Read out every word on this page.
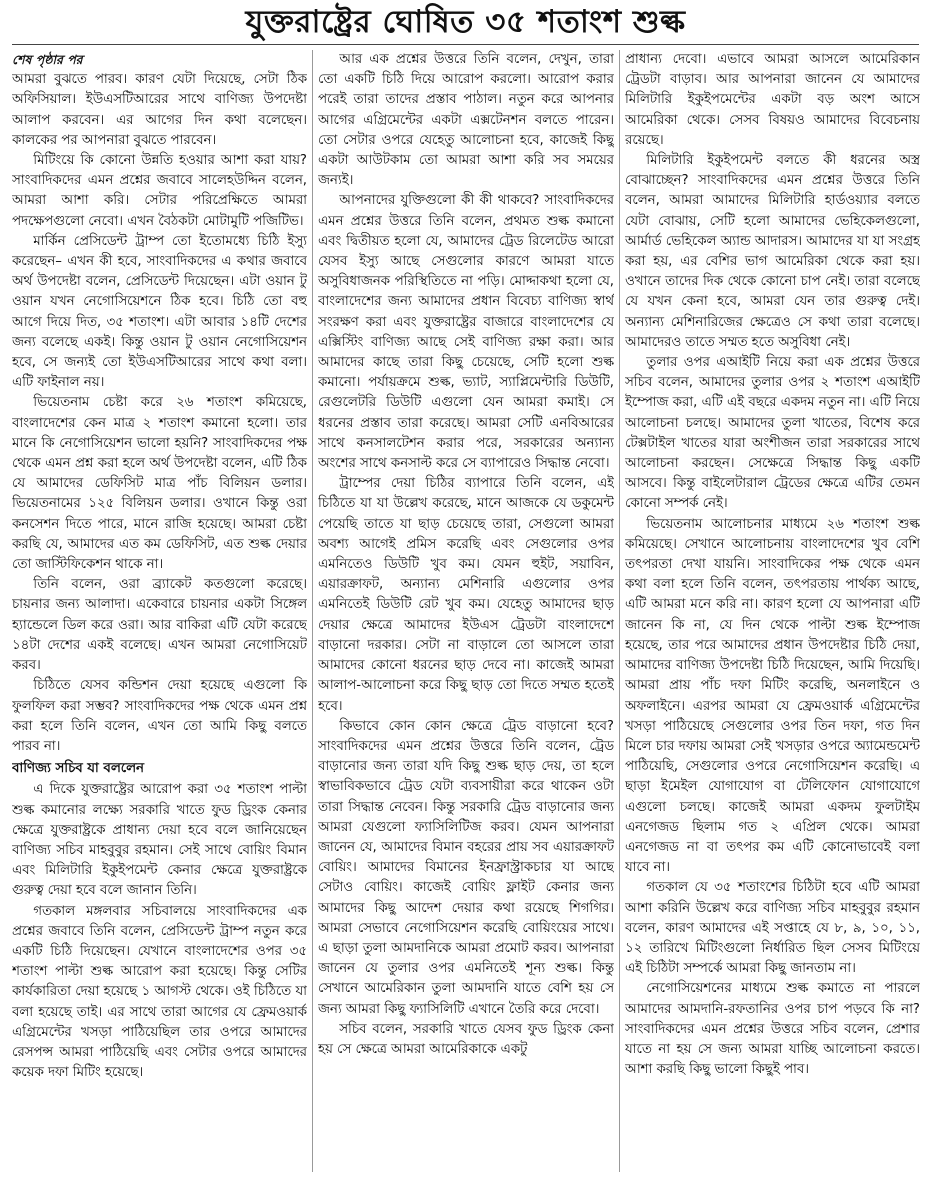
যুক্তরাষ্ট্রের ঘোষিত ৩৫ শতাংশ শুল্ক
শেষ পৃষ্ঠার পর

আমরা বুঝতে পারব। কারণ যেটা দিয়েছে, সেটা ঠিক অফিসিয়াল। ইউএসটিআরের সাথে বাণিজ্য উপদেষ্টা আলাপ করবেন। এর আগের দিন কথা বলেছেন। কালকের পর আপনারা বুঝতে পারবেন।

মিটিংয়ে কি কোনো উন্নতি হওয়ার আশা করা যায়? সাংবাদিকদের এমন প্রশ্নের জবাবে সালেহউদ্দিন বলেন, আমরা আশা করি। সেটার পরিপ্রেক্ষিতে আমরা পদক্ষেপগুলো নেবো। এখন বৈঠকটা মোটামুটি পজিটিভ।

মার্কিন প্রেসিডেন্ট ট্রাম্প তো ইতোমধ্যে চিঠি ইস্যু করেছেন– এখন কী হবে, সাংবাদিকদের এ কথার জবাবে অর্থ উপদেষ্টা বলেন, প্রেসিডেন্ট দিয়েছেন। এটা ওয়ান টু ওয়ান যখন নেগোসিয়েশনে ঠিক হবে। চিঠি তো বহু আগে দিয়ে দিত, ৩৫ শতাংশ। এটা আবার ১৪টি দেশের জন্য বলেছে একই। কিন্তু ওয়ান টু ওয়ান নেগোসিয়েশন হবে, সে জন্যই তো ইউএসটিআরের সাথে কথা বলা। এটি ফাইনাল নয়।

ভিয়েতনাম চেষ্টা করে ২৬ শতাংশ কমিয়েছে, বাংলাদেশের কেন মাত্র ২ শতাংশ কমানো হলো। তার মানে কি নেগোসিয়েশন ভালো হয়নি? সাংবাদিকদের পক্ষ থেকে এমন প্রশ্ন করা হলে অর্থ উপদেষ্টা বলেন, এটি ঠিক যে আমাদের ডেফিসিট মাত্র পাঁচ বিলিয়ন ডলার। ভিয়েতনামের ১২৫ বিলিয়ন ডলার। ওখানে কিন্তু ওরা কনসেশন দিতে পারে, মানে রাজি হয়েছে। আমরা চেষ্টা করছি যে, আমাদের এত কম ডেফিসিট, এত শুল্ক দেয়ার তো জাস্টিফিকেশন থাকে না।

তিনি বলেন, ওরা ব্র্যাকেট কতগুলো করেছে। চায়নার জন্য আলাদা। একেবারে চায়নার একটা সিঙ্গেল হ্যান্ডেলে ডিল করে ওরা। আর বাকিরা এটি যেটা করেছে ১৪টা দেশের একই বলেছে। এখন আমরা নেগোসিয়েট করব।

চিঠিতে যেসব কন্ডিশন দেয়া হয়েছে এগুলো কি ফুলফিল করা সম্ভব? সাংবাদিকদের পক্ষ থেকে এমন প্রশ্ন করা হলে তিনি বলেন, এখন তো আমি কিছু বলতে পারব না।

বাণিজ্য সচিব যা বললেন

এ দিকে যুক্তরাষ্ট্রের আরোপ করা ৩৫ শতাংশ পাল্টা শুল্ক কমানোর লক্ষ্যে সরকারি খাতে ফুড ড্রিংক কেনার ক্ষেত্রে যুক্তরাষ্ট্রকে প্রাধান্য দেয়া হবে বলে জানিয়েছেন বাণিজ্য সচিব মাহবুবুর রহমান। সেই সাথে বোয়িং বিমান এবং মিলিটারি ইকুইপমেন্ট কেনার ক্ষেত্রে যুক্তরাষ্ট্রকে গুরুত্ব দেয়া হবে বলে জানান তিনি।

গতকাল মঙ্গলবার সচিবালয়ে সাংবাদিকদের এক প্রশ্নের জবাবে তিনি বলেন, প্রেসিডেন্ট ট্রাম্প নতুন করে একটি চিঠি দিয়েছেন। যেখানে বাংলাদেশের ওপর ৩৫ শতাংশ পাল্টা শুল্ক আরোপ করা হয়েছে। কিন্তু সেটির কার্যকারিতা দেয়া হয়েছে ১ আগস্ট থেকে। ওই চিঠিতে যা বলা হয়েছে তাই। এর সাথে তারা আগের যে ফ্রেমওয়ার্ক এগ্রিমেন্টের খসড়া পাঠিয়েছিল তার ওপরে আমাদের রেসপন্স আমরা পাঠিয়েছি এবং সেটার ওপরে আমাদের কয়েক দফা মিটিং হয়েছে।

আর এক প্রশ্নের উত্তরে তিনি বলেন, দেখুন, তারা তো একটি চিঠি দিয়ে আরোপ করলো। আরোপ করার পরেই তারা তাদের প্রস্তাব পাঠাল। নতুন করে আপনার আগের এগ্রিমেন্টের একটা এক্সটেনশন বলতে পারেন। তো সেটার ওপরে যেহেতু আলোচনা হবে, কাজেই কিছু একটা আউটকাম তো আমরা আশা করি সব সময়ের জন্যই।

আপনাদের যুক্তিগুলো কী কী থাকবে? সাংবাদিকদের এমন প্রশ্নের উত্তরে তিনি বলেন, প্রথমত শুল্ক কমানো এবং দ্বিতীয়ত হলো যে, আমাদের ট্রেড রিলেটেড আরো যেসব ইস্যু আছে সেগুলোর কারণে আমরা যাতে অসুবিধাজনক পরিস্থিতিতে না পড়ি। মোদ্দাকথা হলো যে, বাংলাদেশের জন্য আমাদের প্রধান বিবেচ্য বাণিজ্য স্বার্থ সংরক্ষণ করা এবং যুক্তরাষ্ট্রের বাজারে বাংলাদেশের যে এক্সিস্টিং বাণিজ্য আছে সেই বাণিজ্য রক্ষা করা। আর আমাদের কাছে তারা কিছু চেয়েছে, সেটি হলো শুল্ক কমানো। পর্যায়ক্রমে শুল্ক, ভ্যাট, স্যাপ্লিমেন্টারি ডিউটি, রেগুলেটরি ডিউটি এগুলো যেন আমরা কমাই। সে ধরনের প্রস্তাব তারা করেছে। আমরা সেটি এনবিআরের সাথে কনসালটেশন করার পরে, সরকারের অন্যান্য অংশের সাথে কনসাল্ট করে সে ব্যাপারেও সিদ্ধান্ত নেবো।

ট্রাম্পের দেয়া চিঠির ব্যাপারে তিনি বলেন, এই চিঠিতে যা যা উল্লেখ করেছে, মানে আজকে যে ডকুমেন্ট পেয়েছি তাতে যা ছাড় চেয়েছে তারা, সেগুলো আমরা অবশ্য আগেই প্রমিস করেছি এবং সেগুলোর ওপর এমনিতেও ডিউটি খুব কম। যেমন হুইট, সয়াবিন, এয়ারক্রাফট, অন্যান্য মেশিনারি এগুলোর ওপর এমনিতেই ডিউটি রেট খুব কম। যেহেতু আমাদের ছাড় দেয়ার ক্ষেত্রে আমাদের ইউএস ট্রেডটা বাংলাদেশে বাড়ানো দরকার। সেটা না বাড়ালে তো আসলে তারা আমাদের কোনো ধরনের ছাড় দেবে না। কাজেই আমরা আলাপ-আলোচনা করে কিছু ছাড় তো দিতে সম্মত হতেই হবে।

কিভাবে কোন কোন ক্ষেত্রে ট্রেড বাড়ানো হবে? সাংবাদিকদের এমন প্রশ্নের উত্তরে তিনি বলেন, ট্রেড বাড়ানোর জন্য তারা যদি কিছু শুল্ক ছাড় দেয়, তা হলে স্বাভাবিকভাবে ট্রেড যেটা ব্যবসায়ীরা করে থাকেন ওটা তারা সিদ্ধান্ত নেবেন। কিন্তু সরকারি ট্রেড বাড়ানোর জন্য আমরা যেগুলো ফ্যাসিলিটিজ করব। যেমন আপনারা জানেন যে, আমাদের বিমান বহরের প্রায় সব এয়ারক্রাফট বোয়িং। আমাদের বিমানের ইনফ্রাস্ট্রাকচার যা আছে সেটাও বোয়িং। কাজেই বোয়িং ফ্লাইট কেনার জন্য আমাদের কিছু আদেশ দেয়ার কথা রয়েছে শিগগির। আমরা সেভাবে নেগোসিয়েশন করেছি বোয়িংয়ের সাথে। এ ছাড়া তুলা আমদানিকে আমরা প্রমোট করব। আপনারা জানেন যে তুলার ওপর এমনিতেই শূন্য শুল্ক। কিন্তু সেখানে আমেরিকান তুলা আমদানি যাতে বেশি হয় সে জন্য আমরা কিছু ফ্যাসিলিটি এখানে তৈরি করে দেবো।

সচিব বলেন, সরকারি খাতে যেসব ফুড ড্রিংক কেনা হয় সে ক্ষেত্রে আমরা আমেরিকাকে একটু

প্রাধান্য দেবো। এভাবে আমরা আসলে আমেরিকান ট্রেডটা বাড়াব। আর আপনারা জানেন যে আমাদের মিলিটারি ইকুইপমেন্টের একটা বড় অংশ আসে আমেরিকা থেকে। সেসব বিষয়ও আমাদের বিবেচনায় রয়েছে।

মিলিটারি ইকুইপমেন্ট বলতে কী ধরনের অস্ত্র বোঝাচ্ছেন? সাংবাদিকদের এমন প্রশ্নের উত্তরে তিনি বলেন, আমরা আমাদের মিলিটারি হার্ডওয়্যার বলতে যেটা বোঝায়, সেটি হলো আমাদের ভেহিকেলগুলো, আর্মার্ড ভেহিকেল অ্যান্ড আদারস। আমাদের যা যা সংগ্রহ করা হয়, এর বেশির ভাগ আমেরিকা থেকে করা হয়। ওখানে তাদের দিক থেকে কোনো চাপ নেই। তারা বলেছে যে যখন কেনা হবে, আমরা যেন তার গুরুত্ব দেই। অন্যান্য মেশিনারিজের ক্ষেত্রেও সে কথা তারা বলেছে। আমাদেরও তাতে সম্মত হতে অসুবিধা নেই।

তুলার ওপর এআইটি নিয়ে করা এক প্রশ্নের উত্তরে সচিব বলেন, আমাদের তুলার ওপর ২ শতাংশ এআইটি ইম্পোজ করা, এটি এই বছরে একদম নতুন না। এটি নিয়ে আলোচনা চলছে। আমাদের তুলা খাতের, বিশেষ করে টেক্সটাইল খাতের যারা অংশীজন তারা সরকারের সাথে আলোচনা করছেন। সেক্ষেত্রে সিদ্ধান্ত কিছু একটি আসবে। কিন্তু বাইলেটারাল ট্রেডের ক্ষেত্রে এটির তেমন কোনো সম্পর্ক নেই।

ভিয়েতনাম আলোচনার মাধ্যমে ২৬ শতাংশ শুল্ক কমিয়েছে। সেখানে আলোচনায় বাংলাদেশের খুব বেশি তৎপরতা দেখা যায়নি। সাংবাদিকের পক্ষ থেকে এমন কথা বলা হলে তিনি বলেন, তৎপরতায় পার্থক্য আছে, এটি আমরা মনে করি না। কারণ হলো যে আপনারা এটি জানেন কি না, যে দিন থেকে পাল্টা শুল্ক ইম্পোজ হয়েছে, তার পরে আমাদের প্রধান উপদেষ্টার চিঠি দেয়া, আমাদের বাণিজ্য উপদেষ্টা চিঠি দিয়েছেন, আমি দিয়েছি। আমরা প্রায় পাঁচ দফা মিটিং করেছি, অনলাইনে ও অফলাইনে। এরপর আমরা যে ফ্রেমওয়ার্ক এগ্রিমেন্টের খসড়া পাঠিয়েছে সেগুলোর ওপর তিন দফা, গত দিন মিলে চার দফায় আমরা সেই খসড়ার ওপরে অ্যামেন্ডমেন্ট পাঠিয়েছি, সেগুলোর ওপরে নেগোসিয়েশন করেছি। এ ছাড়া ইমেইল যোগাযোগ বা টেলিফোন যোগাযোগে এগুলো চলছে। কাজেই আমরা একদম ফুলটাইম এনগেজড ছিলাম গত ২ এপ্রিল থেকে। আমরা এনগেজড না বা তৎপর কম এটি কোনোভাবেই বলা যাবে না।

গতকাল যে ৩৫ শতাংশের চিঠিটা হবে এটি আমরা আশা করিনি উল্লেখ করে বাণিজ্য সচিব মাহবুবুর রহমান বলেন, কারণ আমাদের এই সপ্তাহে যে ৮, ৯, ১০, ১১, ১২ তারিখে মিটিংগুলো নির্ধারিত ছিল সেসব মিটিংয়ে এই চিঠিটা সম্পর্কে আমরা কিছু জানতাম না।

নেগোসিয়েশনের মাধ্যমে শুল্ক কমাতে না পারলে আমাদের আমদানি-রফতানির ওপর চাপ পড়বে কি না? সাংবাদিকদের এমন প্রশ্নের উত্তরে সচিব বলেন, প্রেশার যাতে না হয় সে জন্য আমরা যাচ্ছি আলোচনা করতে। আশা করছি কিছু ভালো কিছুই পাব।
